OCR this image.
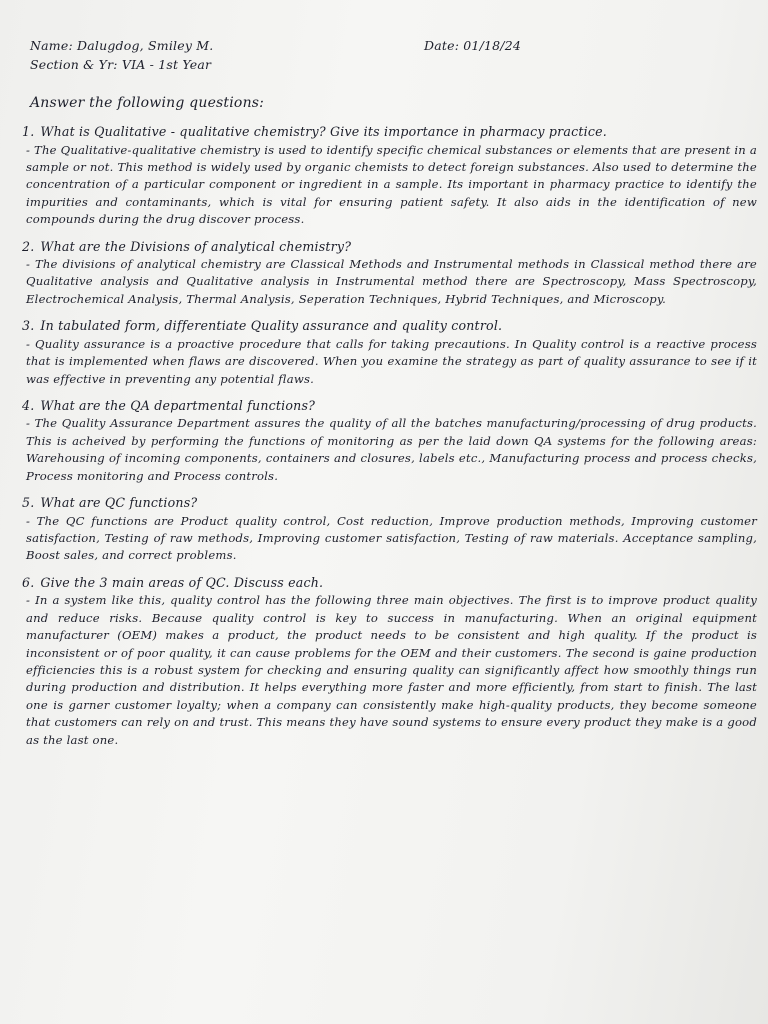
Name: Dalugdog, Smiley M.
Section & Yr: VIA - 1st Year
Date: 01/18/24
Answer the following questions:
1. What is Qualitative - qualitative chemistry? Give its importance in pharmacy practice.
- The Qualitative-qualitative chemistry is used to identify specific chemical substances or elements that are present in a sample or not. This method is widely used by organic chemists to detect foreign substances. Also used to determine the concentration of a particular component or ingredient in a sample. Its important in pharmacy practice to identify the impurities and contaminants, which is vital for ensuring patient safety. It also aids in the identification of new compounds during the drug discover process.
2. What are the Divisions of analytical chemistry?
- The divisions of analytical chemistry are Classical Methods and Instrumental methods in Classical method there are Qualitative analysis and Qualitative analysis in Instrumental method there are Spectroscopy, Mass Spectroscopy, Electrochemical Analysis, Thermal Analysis, Seperation Techniques, Hybrid Techniques, and Microscopy.
3. In tabulated form, differentiate Quality assurance and quality control.
- Quality assurance is a proactive procedure that calls for taking precautions. In Quality control is a reactive process that is implemented when flaws are discovered. When you examine the strategy as part of quality assurance to see if it was effective in preventing any potential flaws.
4. What are the QA departmental functions?
- The Quality Assurance Department assures the quality of all the batches manufacturing/processing of drug products. This is acheived by performing the functions of monitoring as per the laid down QA systems for the following areas: Warehousing of incoming components, containers and closures, labels etc., Manufacturing process and process checks, Process monitoring and Process controls.
5. What are QC functions?
- The QC functions are Product quality control, Cost reduction, Improve production methods, Improving customer satisfaction, Testing of raw methods, Improving customer satisfaction, Testing of raw materials. Acceptance sampling, Boost sales, and correct problems.
6. Give the 3 main areas of QC. Discuss each.
- In a system like this, quality control has the following three main objectives. The first is to improve product quality and reduce risks. Because quality control is key to success in manufacturing. When an original equipment manufacturer (OEM) makes a product, the product needs to be consistent and high quality. If the product is inconsistent or of poor quality, it can cause problems for the OEM and their customers. The second is gaine production efficiencies this is a robust system for checking and ensuring quality can significantly affect how smoothly things run during production and distribution. It helps everything more faster and more efficiently, from start to finish. The last one is garner customer loyalty; when a company can consistently make high-quality products, they become someone that customers can rely on and trust. This means they have sound systems to ensure every product they make is a good as the last one.
